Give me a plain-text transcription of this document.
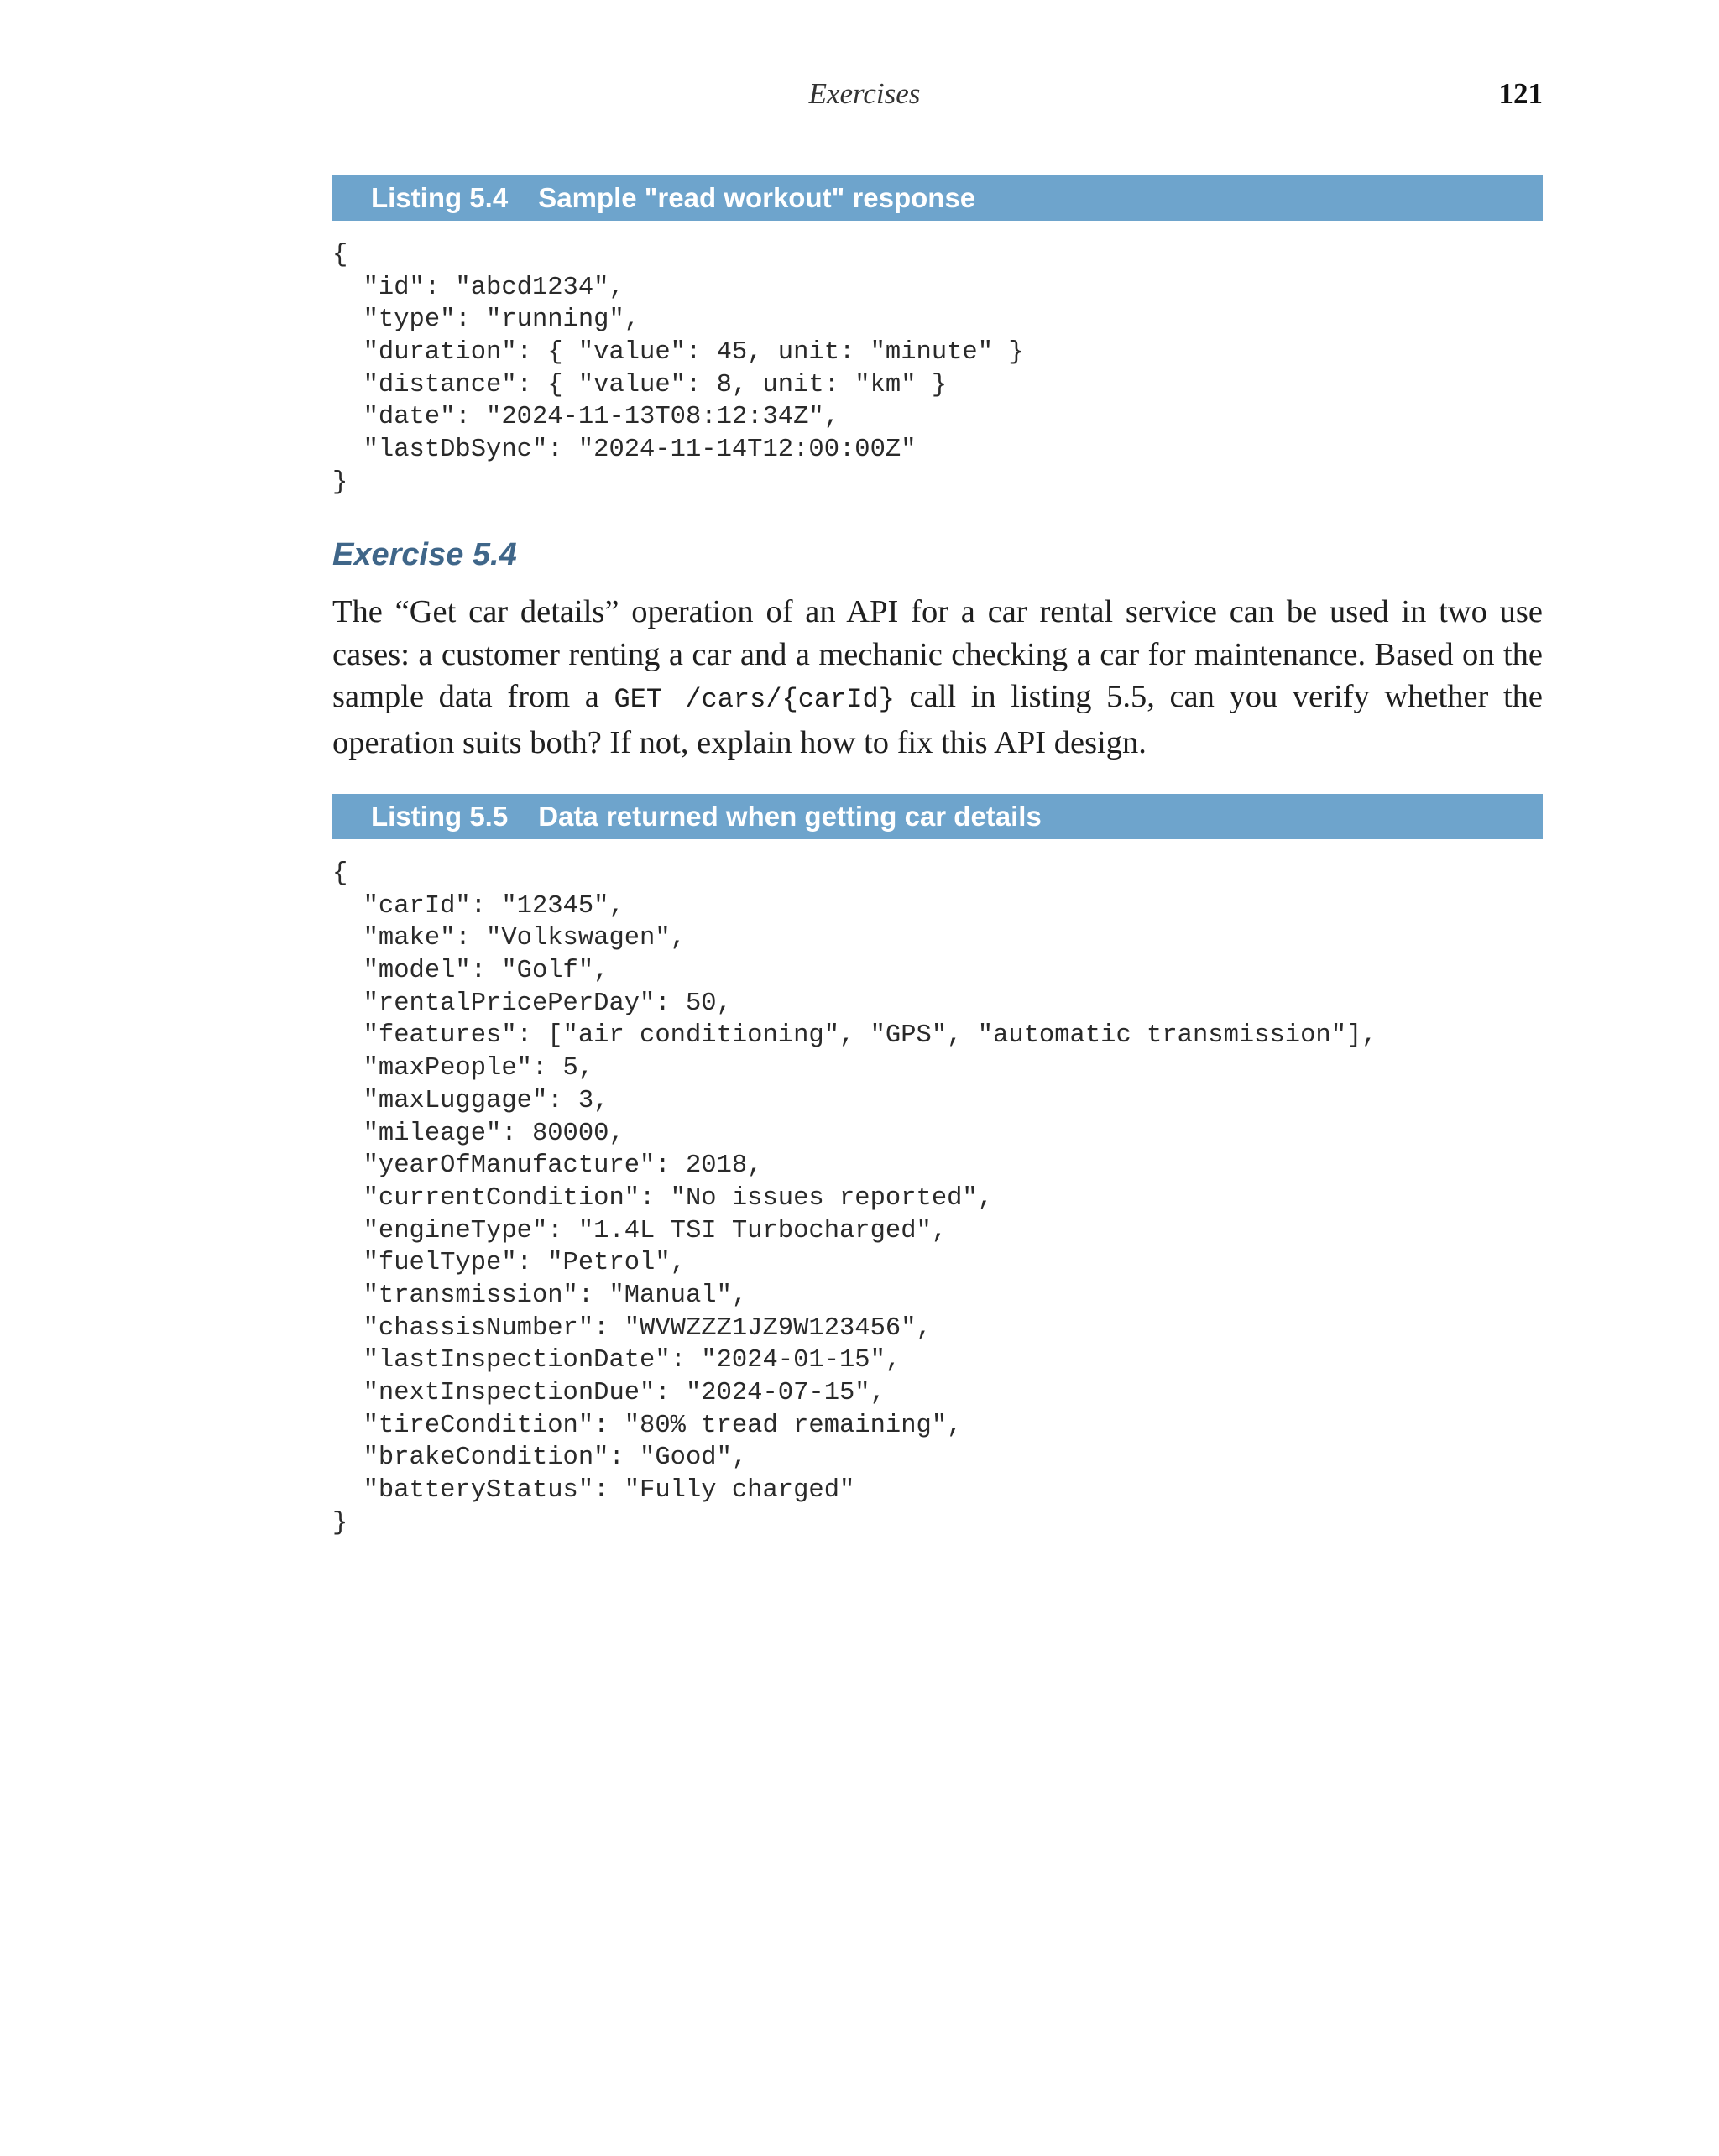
Exercises	121
Listing 5.4 Sample "read workout" response
{
"id": "abcd1234",
"type": "running",
"duration": { "value": 45, unit: "minute" }
"distance": { "value": 8, unit: "km" }
"date": "2024-11-13T08:12:34Z",
"lastDbSync": "2024-11-14T12:00:00Z"
}
Exercise 5.4

The “Get car details” operation of an API for a car rental service can be used in two use cases: a customer renting a car and a mechanic checking a car for maintenance. Based on the sample data from a GET /cars/{carId} call in listing 5.5, can you verify whether the operation suits both? If not, explain how to fix this API design.

Listing 5.5 Data returned when getting car details
{
"carId": "12345",
"make": "Volkswagen",
"model": "Golf",
"rentalPricePerDay": 50,
"features": ["air conditioning", "GPS", "automatic transmission"],
"maxPeople": 5,
"maxLuggage": 3,
"mileage": 80000,
"yearOfManufacture": 2018,
"currentCondition": "No issues reported",
"engineType": "1.4L TSI Turbocharged",
"fuelType": "Petrol",
"transmission": "Manual",
"chassisNumber": "WVWZZZ1JZ9W123456",
"lastInspectionDate": "2024-01-15",
"nextInspectionDue": "2024-07-15",
"tireCondition": "80% tread remaining",
"brakeCondition": "Good",
"batteryStatus": "Fully charged"
}
